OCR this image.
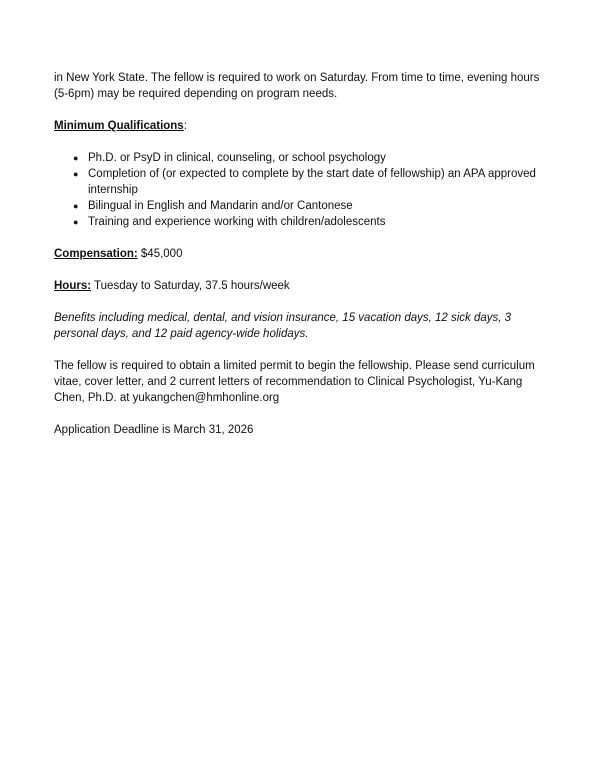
in New York State. The fellow is required to work on Saturday. From time to time, evening hours (5-6pm) may be required depending on program needs.

Minimum Qualifications:

● Ph.D. or PsyD in clinical, counseling, or school psychology
● Completion of (or expected to complete by the start date of fellowship) an APA approved internship
● Bilingual in English and Mandarin and/or Cantonese
● Training and experience working with children/adolescents

Compensation: $45,000

Hours: Tuesday to Saturday, 37.5 hours/week

Benefits including medical, dental, and vision insurance, 15 vacation days, 12 sick days, 3 personal days, and 12 paid agency-wide holidays.

The fellow is required to obtain a limited permit to begin the fellowship. Please send curriculum vitae, cover letter, and 2 current letters of recommendation to Clinical Psychologist, Yu-Kang Chen, Ph.D. at yukangchen@hmhonline.org

Application Deadline is March 31, 2026
